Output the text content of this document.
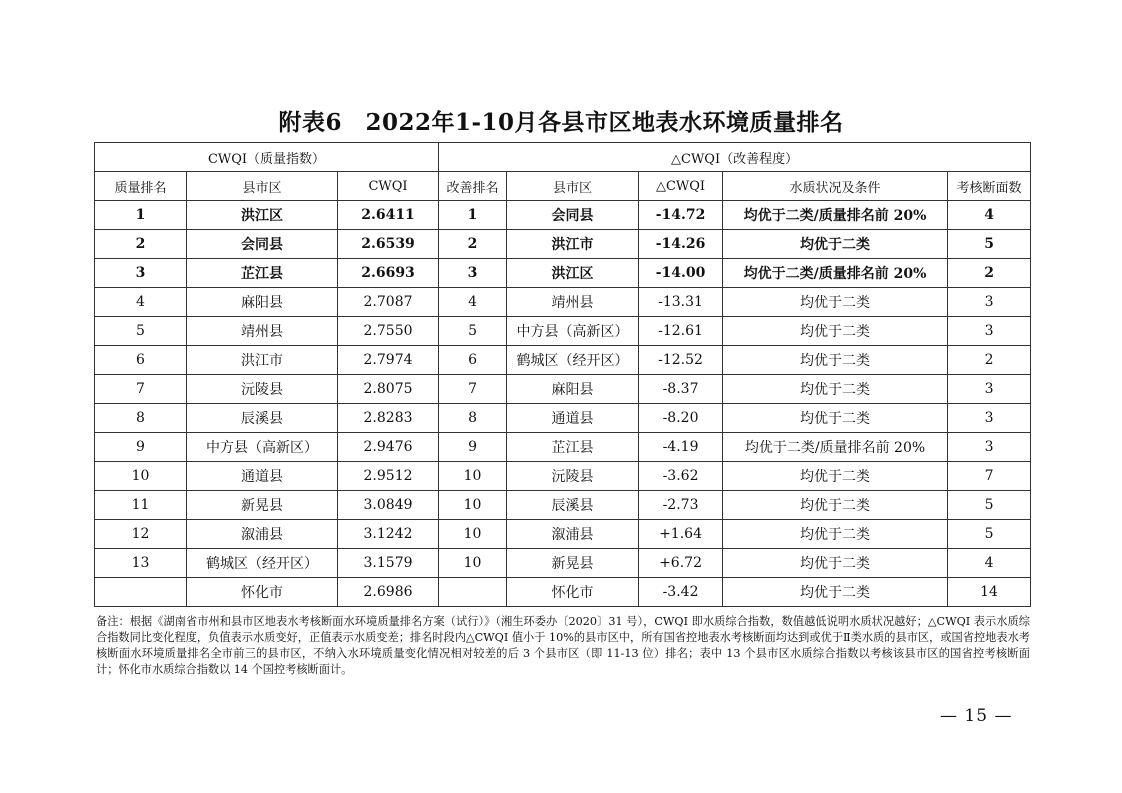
附表6　2022年1-10月各县市区地表水环境质量排名
CWQI（质量指数）			△CWQI（改善程度）				
质量排名	县市区	CWQI	改善排名	县市区	△CWQI	水质状况及条件	考核断面数
1	洪江区	2.6411	1	会同县	-14.72	均优于二类/质量排名前 20%	4
2	会同县	2.6539	2	洪江市	-14.26	均优于二类	5
3	芷江县	2.6693	3	洪江区	-14.00	均优于二类/质量排名前 20%	2
4	麻阳县	2.7087	4	靖州县	-13.31	均优于二类	3
5	靖州县	2.7550	5	中方县（高新区）	-12.61	均优于二类	3
6	洪江市	2.7974	6	鹤城区（经开区）	-12.52	均优于二类	2
7	沅陵县	2.8075	7	麻阳县	-8.37	均优于二类	3
8	辰溪县	2.8283	8	通道县	-8.20	均优于二类	3
9	中方县（高新区）	2.9476	9	芷江县	-4.19	均优于二类/质量排名前 20%	3
10	通道县	2.9512	10	沅陵县	-3.62	均优于二类	7
11	新晃县	3.0849	10	辰溪县	-2.73	均优于二类	5
12	溆浦县	3.1242	10	溆浦县	+1.64	均优于二类	5
13	鹤城区（经开区）	3.1579	10	新晃县	+6.72	均优于二类	4
	怀化市	2.6986		怀化市	-3.42	均优于二类	14
备注：根据《湖南省市州和县市区地表水考核断面水环境质量排名方案（试行）》（湘生环委办〔2020〕31 号），CWQI 即水质综合指数，数值越低说明水质状况越好；△CWQI 表示水质综合指数同比变化程度，负值表示水质变好，正值表示水质变差；排名时段内△CWQI 值小于 10%的县市区中，所有国省控地表水考核断面均达到或优于Ⅱ类水质的县市区，或国省控地表水考核断面水环境质量排名全市前三的县市区，不纳入水环境质量变化情况相对较差的后 3 个县市区（即 11-13 位）排名；表中 13 个县市区水质综合指数以考核该县市区的国省控考核断面计；怀化市水质综合指数以 14 个国控考核断面计。
— 15 —
